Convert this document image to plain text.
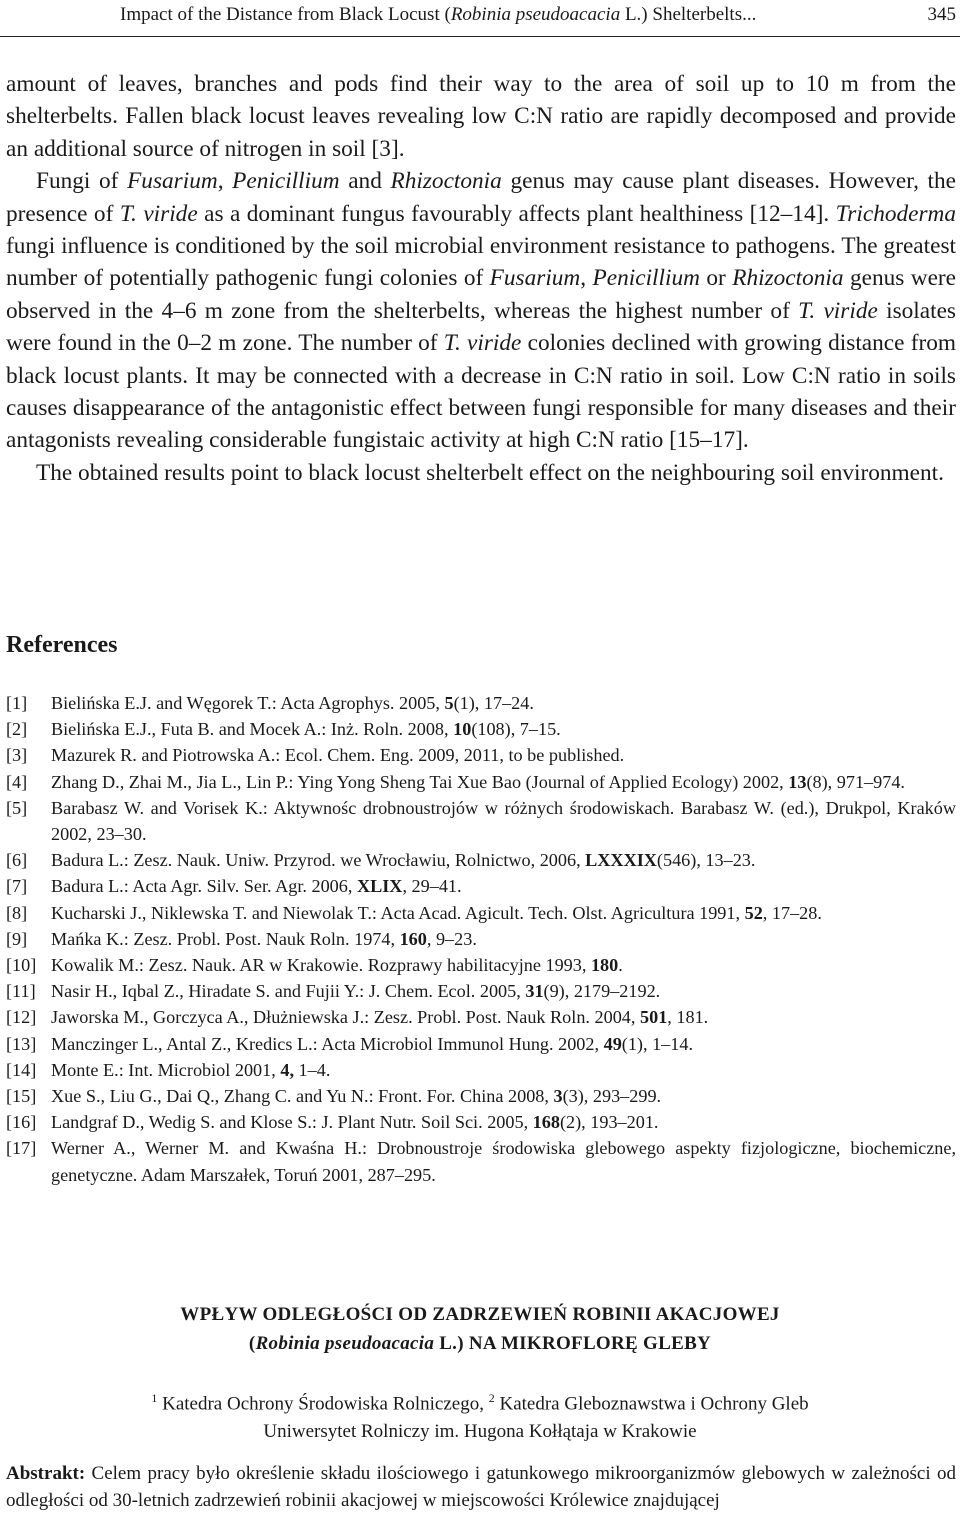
Impact of the Distance from Black Locust (Robinia pseudoacacia L.) Shelterbelts...	345

amount of leaves, branches and pods find their way to the area of soil up to 10 m from the shelterbelts. Fallen black locust leaves revealing low C:N ratio are rapidly decomposed and provide an additional source of nitrogen in soil [3].
Fungi of Fusarium, Penicillium and Rhizoctonia genus may cause plant diseases. However, the presence of T. viride as a dominant fungus favourably affects plant healthiness [12–14]. Trichoderma fungi influence is conditioned by the soil microbial environment resistance to pathogens. The greatest number of potentially pathogenic fungi colonies of Fusarium, Penicillium or Rhizoctonia genus were observed in the 4–6 m zone from the shelterbelts, whereas the highest number of T. viride isolates were found in the 0–2 m zone. The number of T. viride colonies declined with growing distance from black locust plants. It may be connected with a decrease in C:N ratio in soil. Low C:N ratio in soils causes disappearance of the antagonistic effect between fungi responsible for many diseases and their antagonists revealing considerable fungistaic activity at high C:N ratio [15–17].

The obtained results point to black locust shelterbelt effect on the neighbouring soil environment.

References
[1]	Bielińska E.J. and Węgorek T.: Acta Agrophys. 2005, 5(1), 17–24.
[2]	Bielińska E.J., Futa B. and Mocek A.: Inż. Roln. 2008, 10(108), 7–15.
[3]	Mazurek R. and Piotrowska A.: Ecol. Chem. Eng. 2009, 2011, to be published.
[4]	Zhang D., Zhai M., Jia L., Lin P.: Ying Yong Sheng Tai Xue Bao (Journal of Applied Ecology) 2002, 13(8), 971–974.
[5]	Barabasz W. and Vorisek K.: Aktywnośc drobnoustrojów w różnych środowiskach. Barabasz W. (ed.), Drukpol, Kraków 2002, 23–30.
[6]	Badura L.: Zesz. Nauk. Uniw. Przyrod. we Wrocławiu, Rolnictwo, 2006, LXXXIX(546), 13–23.
[7]	Badura L.: Acta Agr. Silv. Ser. Agr. 2006, XLIX, 29–41.
[8]	Kucharski J., Niklewska T. and Niewolak T.: Acta Acad. Agicult. Tech. Olst. Agricultura 1991, 52, 17–28.
[9]	Mańka K.: Zesz. Probl. Post. Nauk Roln. 1974, 160, 9–23.
[10] Kowalik M.: Zesz. Nauk. AR w Krakowie. Rozprawy habilitacyjne 1993, 180.
[11] Nasir H., Iqbal Z., Hiradate S. and Fujii Y.: J. Chem. Ecol. 2005, 31(9), 2179–2192.
[12] Jaworska M., Gorczyca A., Dłużniewska J.: Zesz. Probl. Post. Nauk Roln. 2004, 501, 181.
[13] Manczinger L., Antal Z., Kredics L.: Acta Microbiol Immunol Hung. 2002, 49(1), 1–14.
[14] Monte E.: Int. Microbiol 2001, 4, 1–4.
[15] Xue S., Liu G., Dai Q., Zhang C. and Yu N.: Front. For. China 2008, 3(3), 293–299.
[16] Landgraf D., Wedig S. and Klose S.: J. Plant Nutr. Soil Sci. 2005, 168(2), 193–201.
[17] Werner A., Werner M. and Kwaśna H.: Drobnoustroje środowiska glebowego aspekty fizjologiczne, biochemiczne, genetyczne. Adam Marszałek, Toruń 2001, 287–295.
WPŁYW ODLEGŁOŚCI OD ZADRZEWIEŃ ROBINII AKACJOWEJ
(Robinia pseudoacacia L.) NA MIKROFLORĘ GLEBY
$^1$ Katedra Ochrony Środowiska Rolniczego, $^2$ Katedra Gleboznawstwa i Ochrony Gleb
Uniwersytet Rolniczy im. Hugona Kołłątaja w Krakowie
Abstrakt: Celem pracy było określenie składu ilościowego i gatunkowego mikroorganizmów glebowych w zależności od odległości od 30-letnich zadrzewień robinii akacjowej w miejscowości Królewice znajdującej
